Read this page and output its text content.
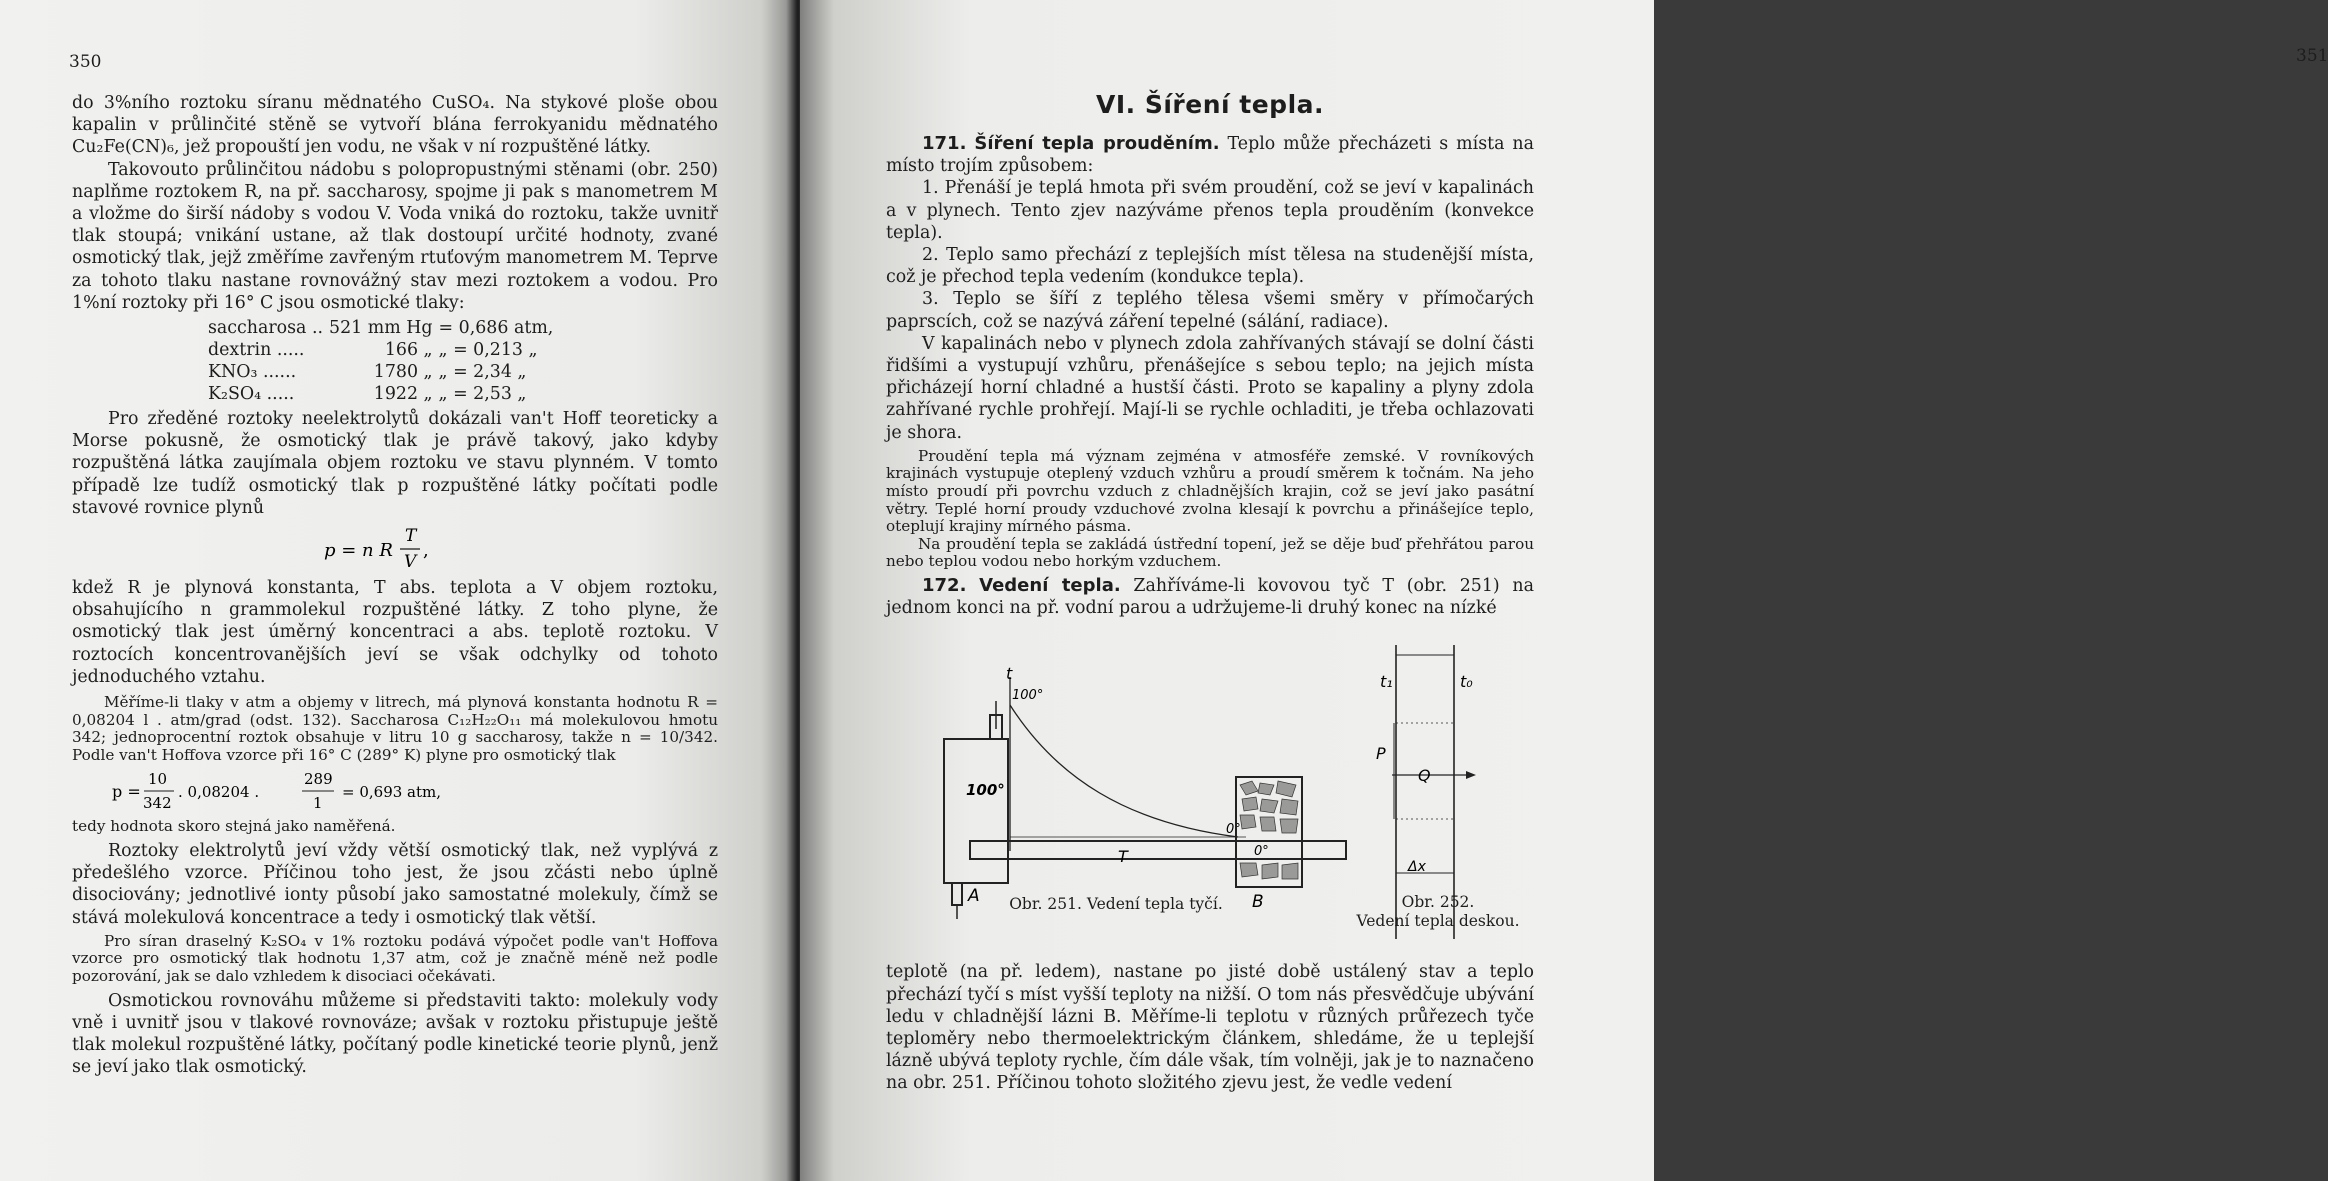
350

do 3%ního roztoku síranu mědnatého CuSO₄. Na stykové ploše obou kapalin v průlinčité stěně se vytvoří blána ferrokyanidu mědnatého Cu₂Fe(CN)₆, jež propouští jen vodu, ne však v ní rozpuštěné látky.

Takovouto průlinčitou nádobu s polopropustnými stěnami (obr. 250) naplňme roztokem R, na př. saccharosy, spojme ji pak s manometrem M a vložme do širší nádoby s vodou V. Voda vniká do roztoku, takže uvnitř tlak stoupá; vnikání ustane, až tlak dostoupí určité hodnoty, zvané osmotický tlak, jejž změříme zavřeným rtuťovým manometrem M. Teprve za tohoto tlaku nastane rovnovážný stav mezi roztokem a vodou. Pro 1%ní roztoky při 16° C jsou osmotické tlaky:

saccharosa ..	521 mm Hg	= 0,686 atm,
dextrin .....	166 „	„ = 0,213 „
KNO₃ ......	1780 „	„ = 2,34 „
K₂SO₄ .....	1922 „	„ = 2,53 „

Pro zředěné roztoky neelektrolytů dokázali van't Hoff teoreticky a Morse pokusně, že osmotický tlak je právě takový, jako kdyby rozpuštěná látka zaujímala objem roztoku ve stavu plynném. V tomto případě lze tudíž osmotický tlak p rozpuštěné látky počítati podle stavové rovnice plynů

p = n R
T
V
,

kdež R je plynová konstanta, T abs. teplota a V objem roztoku, obsahujícího n grammolekul rozpuštěné látky. Z toho plyne, že osmotický tlak jest úměrný koncentraci a abs. teplotě roztoku. V roztocích koncentrovanějších jeví se však odchylky od tohoto jednoduchého vztahu.

Měříme-li tlaky v atm a objemy v litrech, má plynová konstanta hodnotu R = 0,08204 l . atm/grad (odst. 132). Saccharosa C₁₂H₂₂O₁₁ má molekulovou hmotu 342; jednoprocentní roztok obsahuje v litru 10 g saccharosy, takže n = 10/342. Podle van't Hoffova vzorce při 16° C (289° K) plyne pro osmotický tlak

p =
10
342
. 0,08204 .
289
1
= 0,693 atm,

tedy hodnota skoro stejná jako naměřená.

Roztoky elektrolytů jeví vždy větší osmotický tlak, než vyplývá z předešlého vzorce. Příčinou toho jest, že jsou zčásti nebo úplně disociovány; jednotlivé ionty působí jako samostatné molekuly, čímž se stává molekulová koncentrace a tedy i osmotický tlak větší.

Pro síran draselný K₂SO₄ v 1% roztoku podává výpočet podle van't Hoffova vzorce pro osmotický tlak hodnotu 1,37 atm, což je značně méně než podle pozorování, jak se dalo vzhledem k disociaci očekávati.

Osmotickou rovnováhu můžeme si představiti takto: molekuly vody vně i uvnitř jsou v tlakové rovnováze; avšak v roztoku přistupuje ještě tlak molekul rozpuštěné látky, počítaný podle kinetické teorie plynů, jenž se jeví jako tlak osmotický.

351
VI. Šíření tepla.

171. Šíření tepla prouděním. Teplo může přecházeti s místa na místo trojím způsobem:

1. Přenáší je teplá hmota při svém proudění, což se jeví v kapalinách a v plynech. Tento zjev nazýváme přenos tepla prouděním (konvekce tepla).

2. Teplo samo přechází z teplejších míst tělesa na studenější místa, což je přechod tepla vedením (kondukce tepla).

3. Teplo se šíří z teplého tělesa všemi směry v přímočarých paprscích, což se nazývá záření tepelné (sálání, radiace).

V kapalinách nebo v plynech zdola zahřívaných stávají se dolní části řidšími a vystupují vzhůru, přenášejíce s sebou teplo; na jejich místa přicházejí horní chladné a hustší části. Proto se kapaliny a plyny zdola zahřívané rychle prohřejí. Mají-li se rychle ochladiti, je třeba ochlazovati je shora.

Proudění tepla má význam zejména v atmosféře zemské. V rovníkových krajinách vystupuje oteplený vzduch vzhůru a proudí směrem k točnám. Na jeho místo proudí při povrchu vzduch z chladnějších krajin, což se jeví jako pasátní větry. Teplé horní proudy vzduchové zvolna klesají k povrchu a přinášejíce teplo, oteplují krajiny mírného pásma.

Na proudění tepla se zakládá ústřední topení, jež se děje buď přehřátou parou nebo teplou vodou nebo horkým vzduchem.

172. Vedení tepla. Zahříváme-li kovovou tyč T (obr. 251) na jednom konci na př. vodní parou a udržujeme-li druhý konec na nízké

100°
A
t
100°
0°
T	0°
B
t₁	t₀
P
Q
Δx
Obr. 251. Vedení tepla tyčí.	Obr. 252.
Vedení tepla deskou.

teplotě (na př. ledem), nastane po jisté době ustálený stav a teplo přechází tyčí s míst vyšší teploty na nižší. O tom nás přesvědčuje ubývání ledu v chladnější lázni B. Měříme-li teplotu v různých průřezech tyče teploměry nebo thermoelektrickým článkem, shledáme, že u teplejší lázně ubývá teploty rychle, čím dále však, tím volněji, jak je to naznačeno na obr. 251. Příčinou tohoto složitého zjevu jest, že vedle vedení
